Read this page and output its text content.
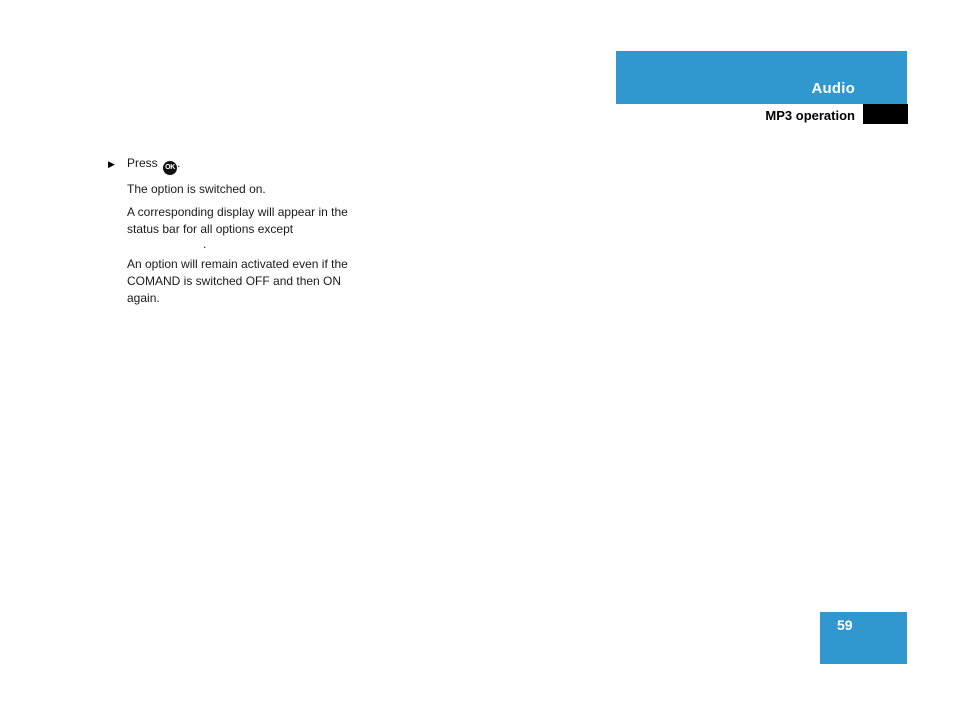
Audio
MP3 operation

▶ Press OK .

The option is switched on.

A corresponding display will appear in the status bar for all options except
.

An option will remain activated even if the COMAND is switched OFF and then ON again.

59
